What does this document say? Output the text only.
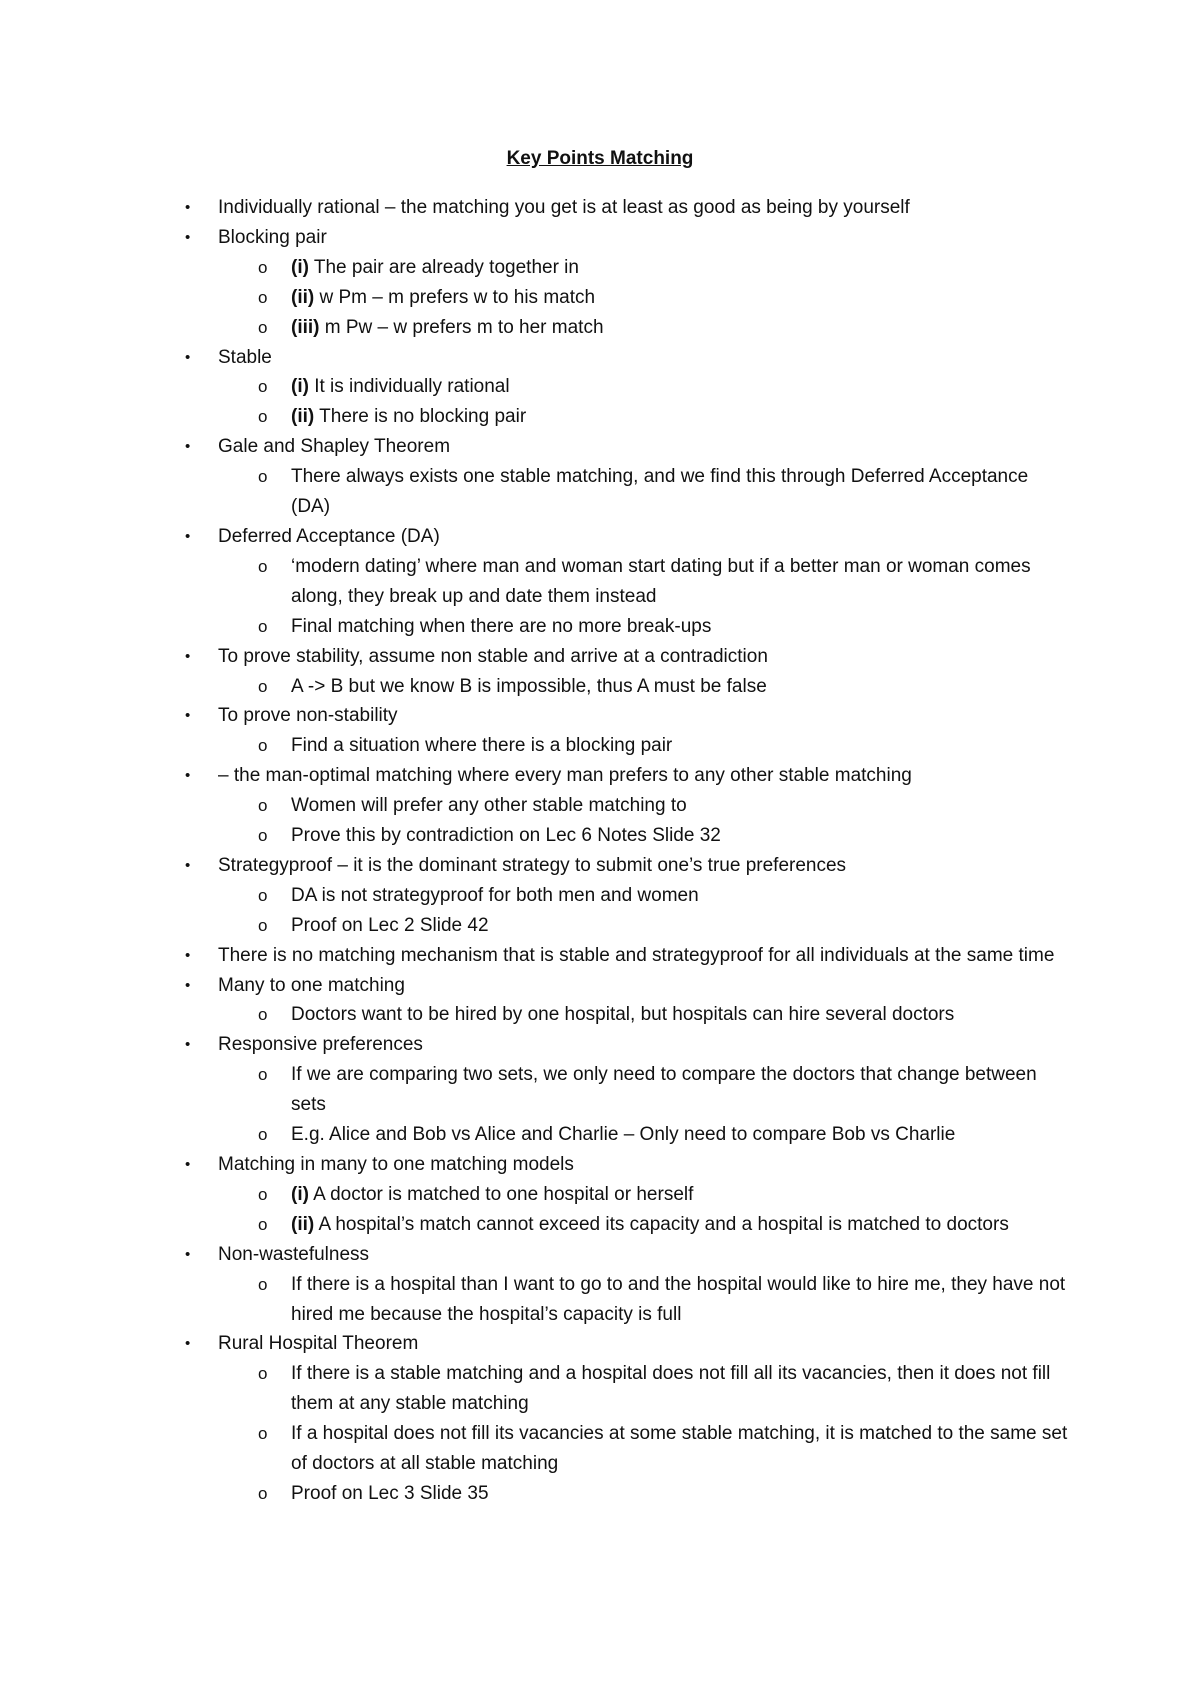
Key Points Matching
• Individually rational – the matching you get is at least as good as being by yourself
• Blocking pair
o (i) The pair are already together in
o (ii) w Pm – m prefers w to his match
o (iii) m Pw – w prefers m to her match
• Stable
o (i) It is individually rational
o (ii) There is no blocking pair
• Gale and Shapley Theorem
o There always exists one stable matching, and we find this through Deferred Acceptance (DA)
• Deferred Acceptance (DA)
o ‘modern dating’ where man and woman start dating but if a better man or woman comes along, they break up and date them instead
o Final matching when there are no more break-ups
• To prove stability, assume non stable and arrive at a contradiction
o A -> B but we know B is impossible, thus A must be false
• To prove non-stability
o Find a situation where there is a blocking pair
• – the man-optimal matching where every man prefers to any other stable matching
o Women will prefer any other stable matching to
o Prove this by contradiction on Lec 6 Notes Slide 32
• Strategyproof – it is the dominant strategy to submit one’s true preferences
o DA is not strategyproof for both men and women
o Proof on Lec 2 Slide 42
• There is no matching mechanism that is stable and strategyproof for all individuals at the same time
• Many to one matching
o Doctors want to be hired by one hospital, but hospitals can hire several doctors
• Responsive preferences
o If we are comparing two sets, we only need to compare the doctors that change between sets
o E.g. Alice and Bob vs Alice and Charlie – Only need to compare Bob vs Charlie
• Matching in many to one matching models
o (i) A doctor is matched to one hospital or herself
o (ii) A hospital’s match cannot exceed its capacity and a hospital is matched to doctors
• Non-wastefulness
o If there is a hospital than I want to go to and the hospital would like to hire me, they have not hired me because the hospital’s capacity is full
• Rural Hospital Theorem
o If there is a stable matching and a hospital does not fill all its vacancies, then it does not fill them at any stable matching
o If a hospital does not fill its vacancies at some stable matching, it is matched to the same set of doctors at all stable matching
o Proof on Lec 3 Slide 35
